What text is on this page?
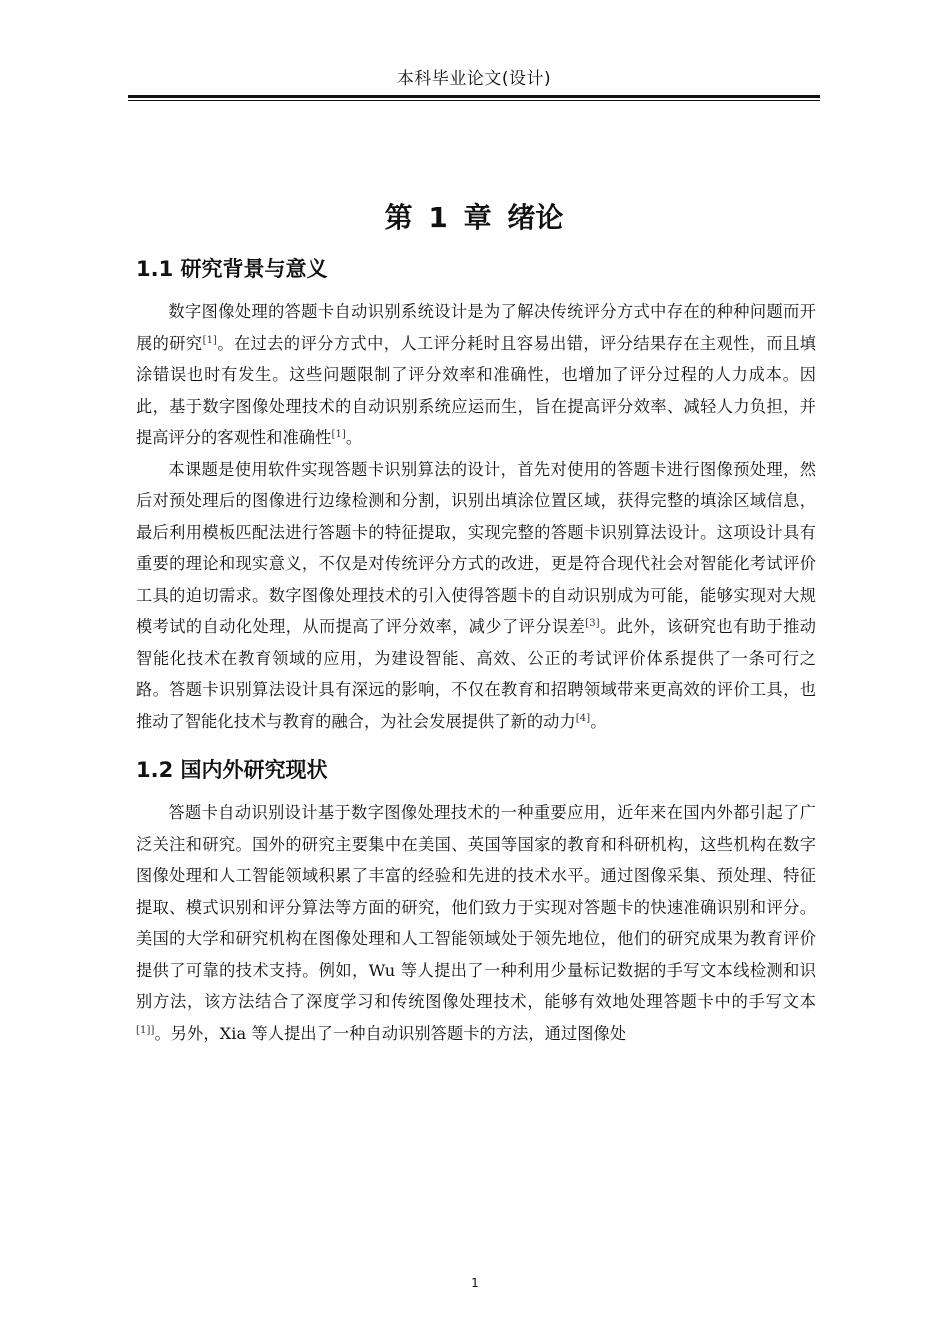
本科毕业论文(设计)
第 1 章 绪论
1.1 研究背景与意义

数字图像处理的答题卡自动识别系统设计是为了解决传统评分方式中存在的种种问题而开展的研究[1]。在过去的评分方式中，人工评分耗时且容易出错，评分结果存在主观性，而且填涂错误也时有发生。这些问题限制了评分效率和准确性，也增加了评分过程的人力成本。因此，基于数字图像处理技术的自动识别系统应运而生，旨在提高评分效率、减轻人力负担，并提高评分的客观性和准确性[1]。

本课题是使用软件实现答题卡识别算法的设计，首先对使用的答题卡进行图像预处理，然后对预处理后的图像进行边缘检测和分割，识别出填涂位置区域，获得完整的填涂区域信息，最后利用模板匹配法进行答题卡的特征提取，实现完整的答题卡识别算法设计。这项设计具有重要的理论和现实意义，不仅是对传统评分方式的改进，更是符合现代社会对智能化考试评价工具的迫切需求。数字图像处理技术的引入使得答题卡的自动识别成为可能，能够实现对大规模考试的自动化处理，从而提高了评分效率，减少了评分误差[3]。此外，该研究也有助于推动智能化技术在教育领域的应用，为建设智能、高效、公正的考试评价体系提供了一条可行之路。答题卡识别算法设计具有深远的影响，不仅在教育和招聘领域带来更高效的评价工具，也推动了智能化技术与教育的融合，为社会发展提供了新的动力[4]。

1.2 国内外研究现状

答题卡自动识别设计基于数字图像处理技术的一种重要应用，近年来在国内外都引起了广泛关注和研究。国外的研究主要集中在美国、英国等国家的教育和科研机构，这些机构在数字图像处理和人工智能领域积累了丰富的经验和先进的技术水平。通过图像采集、预处理、特征提取、模式识别和评分算法等方面的研究，他们致力于实现对答题卡的快速准确识别和评分。美国的大学和研究机构在图像处理和人工智能领域处于领先地位，他们的研究成果为教育评价提供了可靠的技术支持。例如，Wu 等人提出了一种利用少量标记数据的手写文本线检测和识别方法，该方法结合了深度学习和传统图像处理技术，能够有效地处理答题卡中的手写文本[1]]。另外，Xia 等人提出了一种自动识别答题卡的方法，通过图像处

1
